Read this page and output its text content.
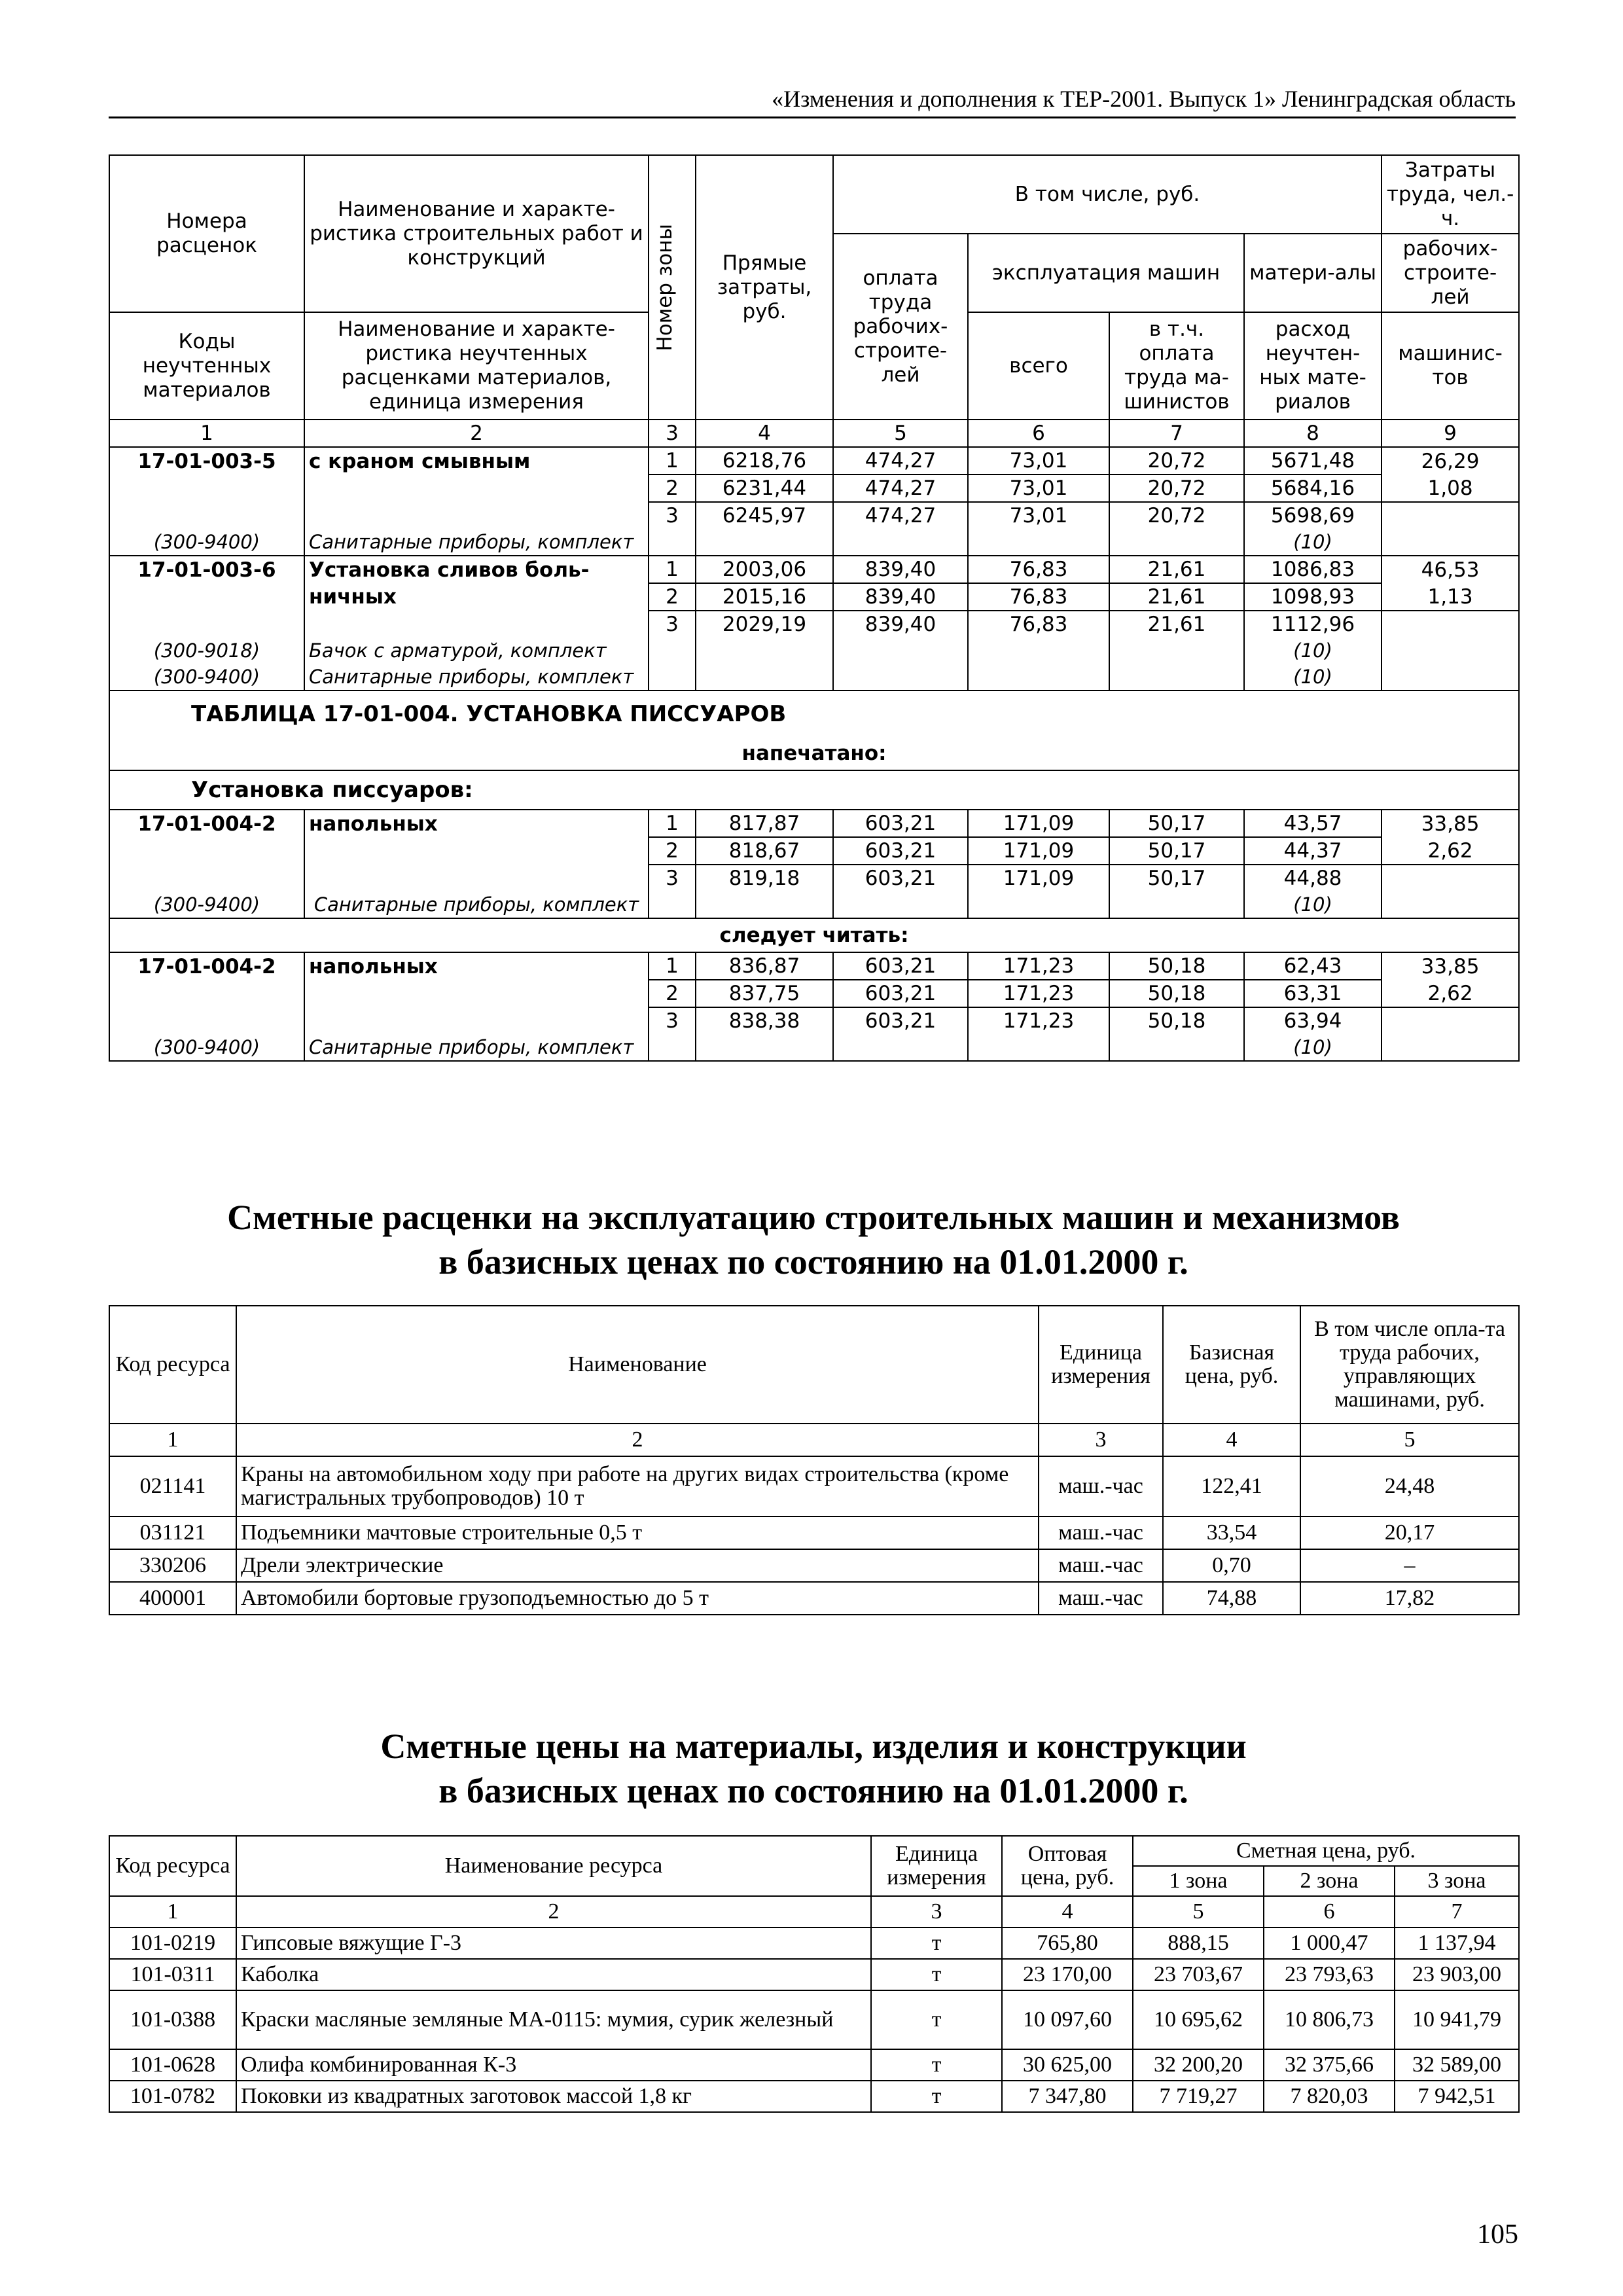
«Изменения и дополнения к ТЕР-2001. Выпуск 1» Ленинградская область
Номера расценок	Наименование и характе-ристика строительных работ и конструкций	Номер зоны	Прямые затраты, руб.	В том числе, руб.				Затраты труда, чел.-ч.
				оплата труда рабочих-строите-лей	эксплуатация машин		матери-алы	рабочих-строите-лей
Коды неучтенных материалов	Наименование и характе-ристика неучтенных расценками материалов, единица измерения				всего	в т.ч. оплата труда ма-шинистов	расход неучтен-ных мате-риалов	машинис-тов
1	2	3	4	5	6	7	8	9
17-01-003-5	с краном смывным	1	6218,76	474,27	73,01	20,72	5671,48	26,29
		2	6231,44	474,27	73,01	20,72	5684,16	1,08
		3	6245,97	474,27	73,01	20,72	5698,69	
(300-9400)	Санитарные приборы, комплект						(10)	
17-01-003-6	Установка сливов боль-	1	2003,06	839,40	76,83	21,61	1086,83	46,53
	ничных	2	2015,16	839,40	76,83	21,61	1098,93	1,13
		3	2029,19	839,40	76,83	21,61	1112,96	
(300-9018)	Бачок с арматурой, комплект						(10)	
(300-9400)	Санитарные приборы, комплект						(10)	
ТАБЛИЦА 17-01-004. УСТАНОВКА ПИССУАРОВ								
напечатано:								
Установка писсуаров:								
17-01-004-2	напольных	1	817,87	603,21	171,09	50,17	43,57	33,85
		2	818,67	603,21	171,09	50,17	44,37	2,62
		3	819,18	603,21	171,09	50,17	44,88	
(300-9400)	Санитарные приборы, комплект						(10)	
следует читать:								
17-01-004-2	напольных	1	836,87	603,21	171,23	50,18	62,43	33,85
		2	837,75	603,21	171,23	50,18	63,31	2,62
		3	838,38	603,21	171,23	50,18	63,94	
(300-9400)	Санитарные приборы, комплект						(10)	
Сметные расценки на эксплуатацию строительных машин и механизмов
в базисных ценах по состоянию на 01.01.2000 г.
Код ресурса	Наименование	Единица измерения	Базисная цена, руб.	В том числе опла-та труда рабочих, управляющих машинами, руб.
1	2	3	4	5
021141	Краны на автомобильном ходу при работе на других видах строительства (кроме магистральных трубопроводов) 10 т	маш.-час	122,41	24,48
031121	Подъемники мачтовые строительные 0,5 т	маш.-час	33,54	20,17
330206	Дрели электрические	маш.-час	0,70	–
400001	Автомобили бортовые грузоподъемностью до 5 т	маш.-час	74,88	17,82
Сметные цены на материалы, изделия и конструкции
в базисных ценах по состоянию на 01.01.2000 г.
Код ресурса	Наименование ресурса	Единица измерения	Оптовая цена, руб.	Сметная цена, руб.		
				1 зона	2 зона	3 зона
1	2	3	4	5	6	7
101-0219	Гипсовые вяжущие Г-3	т	765,80	888,15	1 000,47	1 137,94
101-0311	Каболка	т	23 170,00	23 703,67	23 793,63	23 903,00
101-0388	Краски масляные земляные МА-0115: мумия, сурик железный	т	10 097,60	10 695,62	10 806,73	10 941,79
101-0628	Олифа комбинированная К-3	т	30 625,00	32 200,20	32 375,66	32 589,00
101-0782	Поковки из квадратных заготовок массой 1,8 кг	т	7 347,80	7 719,27	7 820,03	7 942,51
105
